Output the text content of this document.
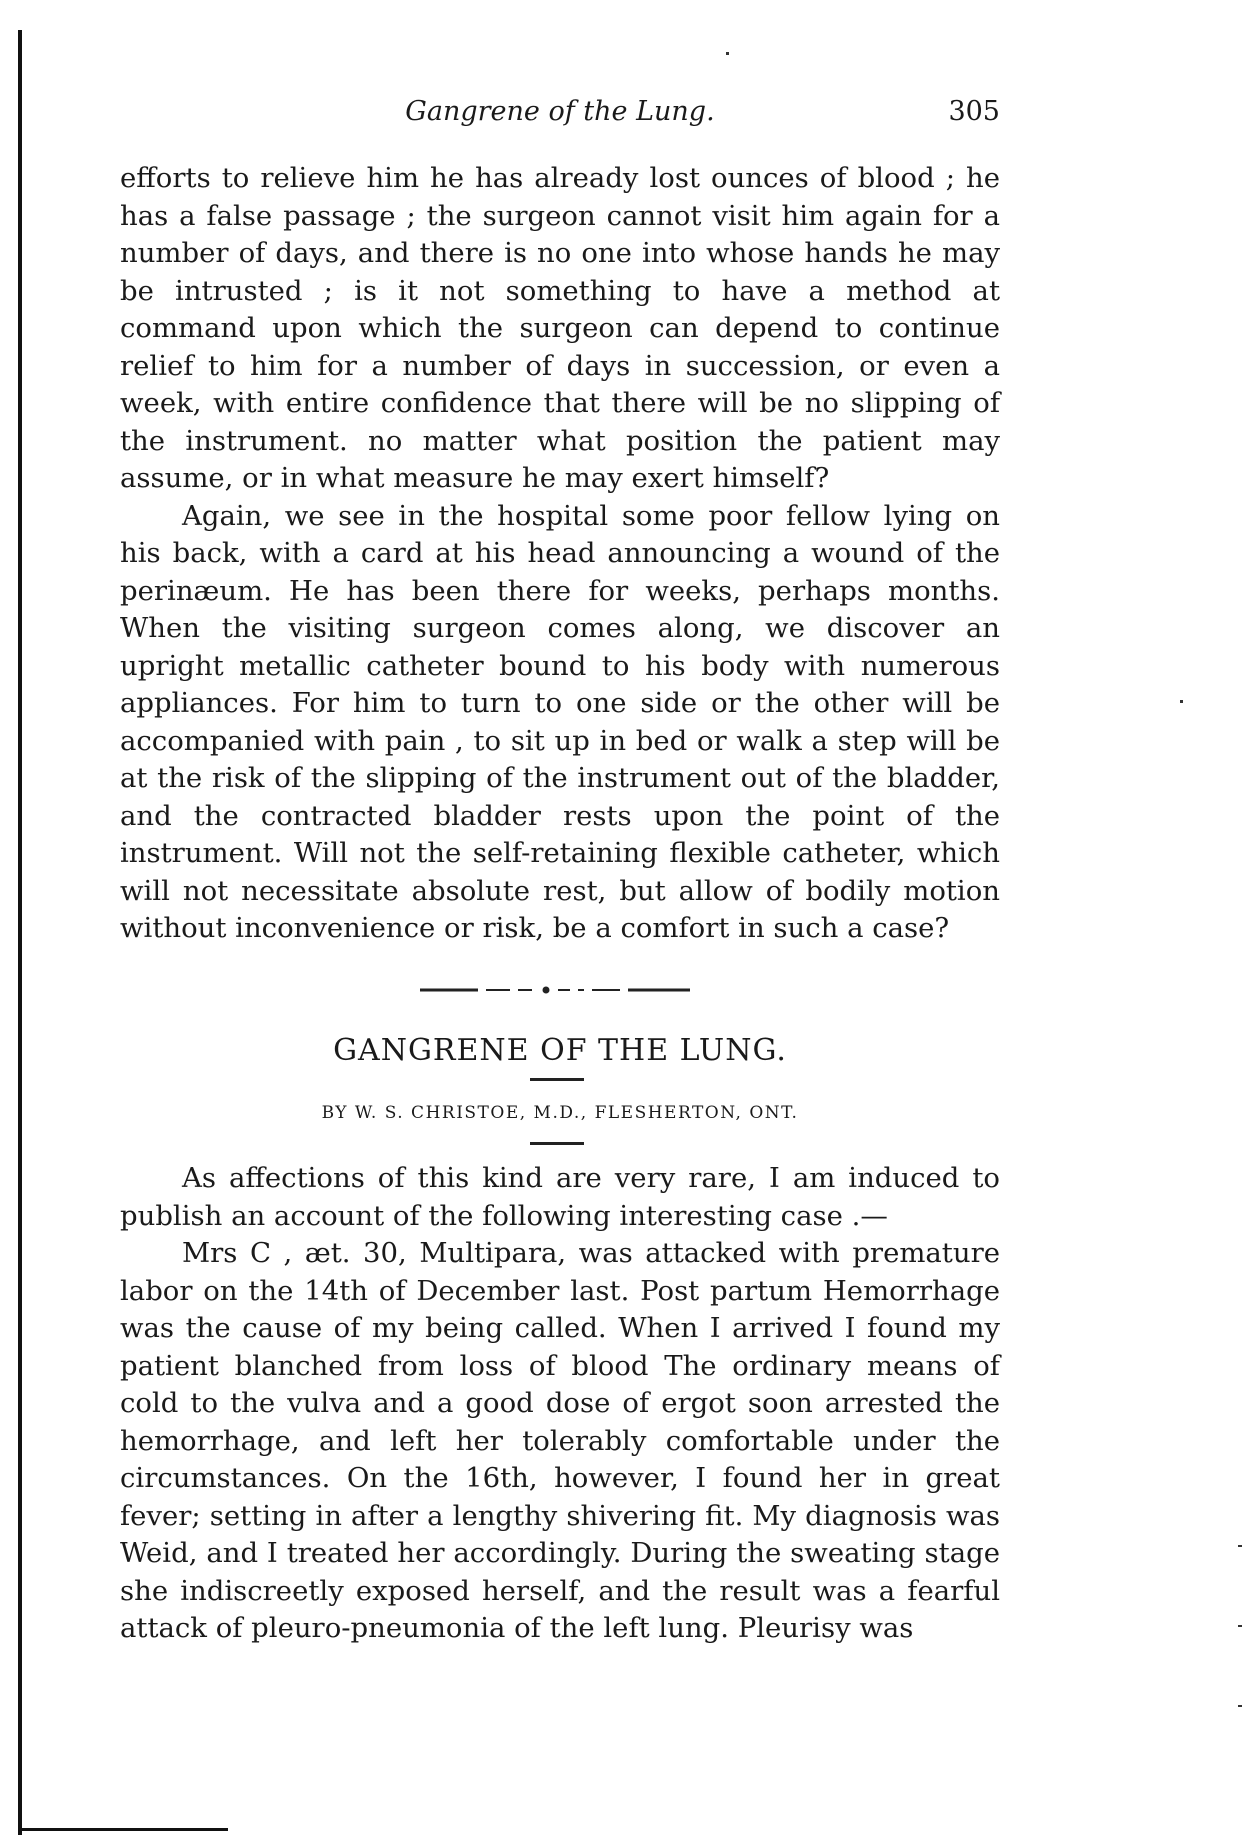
Gangrene of the Lung.	305

efforts to relieve him he has already lost ounces of blood ; he has a false passage ; the surgeon cannot visit him again for a number of days, and there is no one into whose hands he may be intrusted ; is it not something to have a method at command upon which the surgeon can depend to continue relief to him for a number of days in succession, or even a week, with entire confidence that there will be no slipping of the instrument. no matter what position the patient may assume, or in what measure he may exert himself?

Again, we see in the hospital some poor fellow lying on his back, with a card at his head announcing a wound of the perinæum. He has been there for weeks, perhaps months. When the visiting surgeon comes along, we discover an upright metallic catheter bound to his body with numerous appliances. For him to turn to one side or the other will be accompanied with pain , to sit up in bed or walk a step will be at the risk of the slipping of the instrument out of the bladder, and the contracted bladder rests upon the point of the instrument. Will not the self-retaining flexible catheter, which will not necessitate absolute rest, but allow of bodily motion without inconvenience or risk, be a comfort in such a case?

GANGRENE OF THE LUNG.
BY W. S. CHRISTOE, M.D., FLESHERTON, ONT.

As affections of this kind are very rare, I am induced to publish an account of the following interesting case .—

Mrs C , æt. 30, Multipara, was attacked with premature labor on the 14th of December last. Post partum Hemorrhage was the cause of my being called. When I arrived I found my patient blanched from loss of blood The ordinary means of cold to the vulva and a good dose of ergot soon arrested the hemorrhage, and left her tolerably comfortable under the circumstances. On the 16th, however, I found her in great fever; setting in after a lengthy shivering fit. My diagnosis was Weid, and I treated her accordingly. During the sweating stage she indiscreetly exposed herself, and the result was a fearful attack of pleuro-pneumonia of the left lung. Pleurisy was
